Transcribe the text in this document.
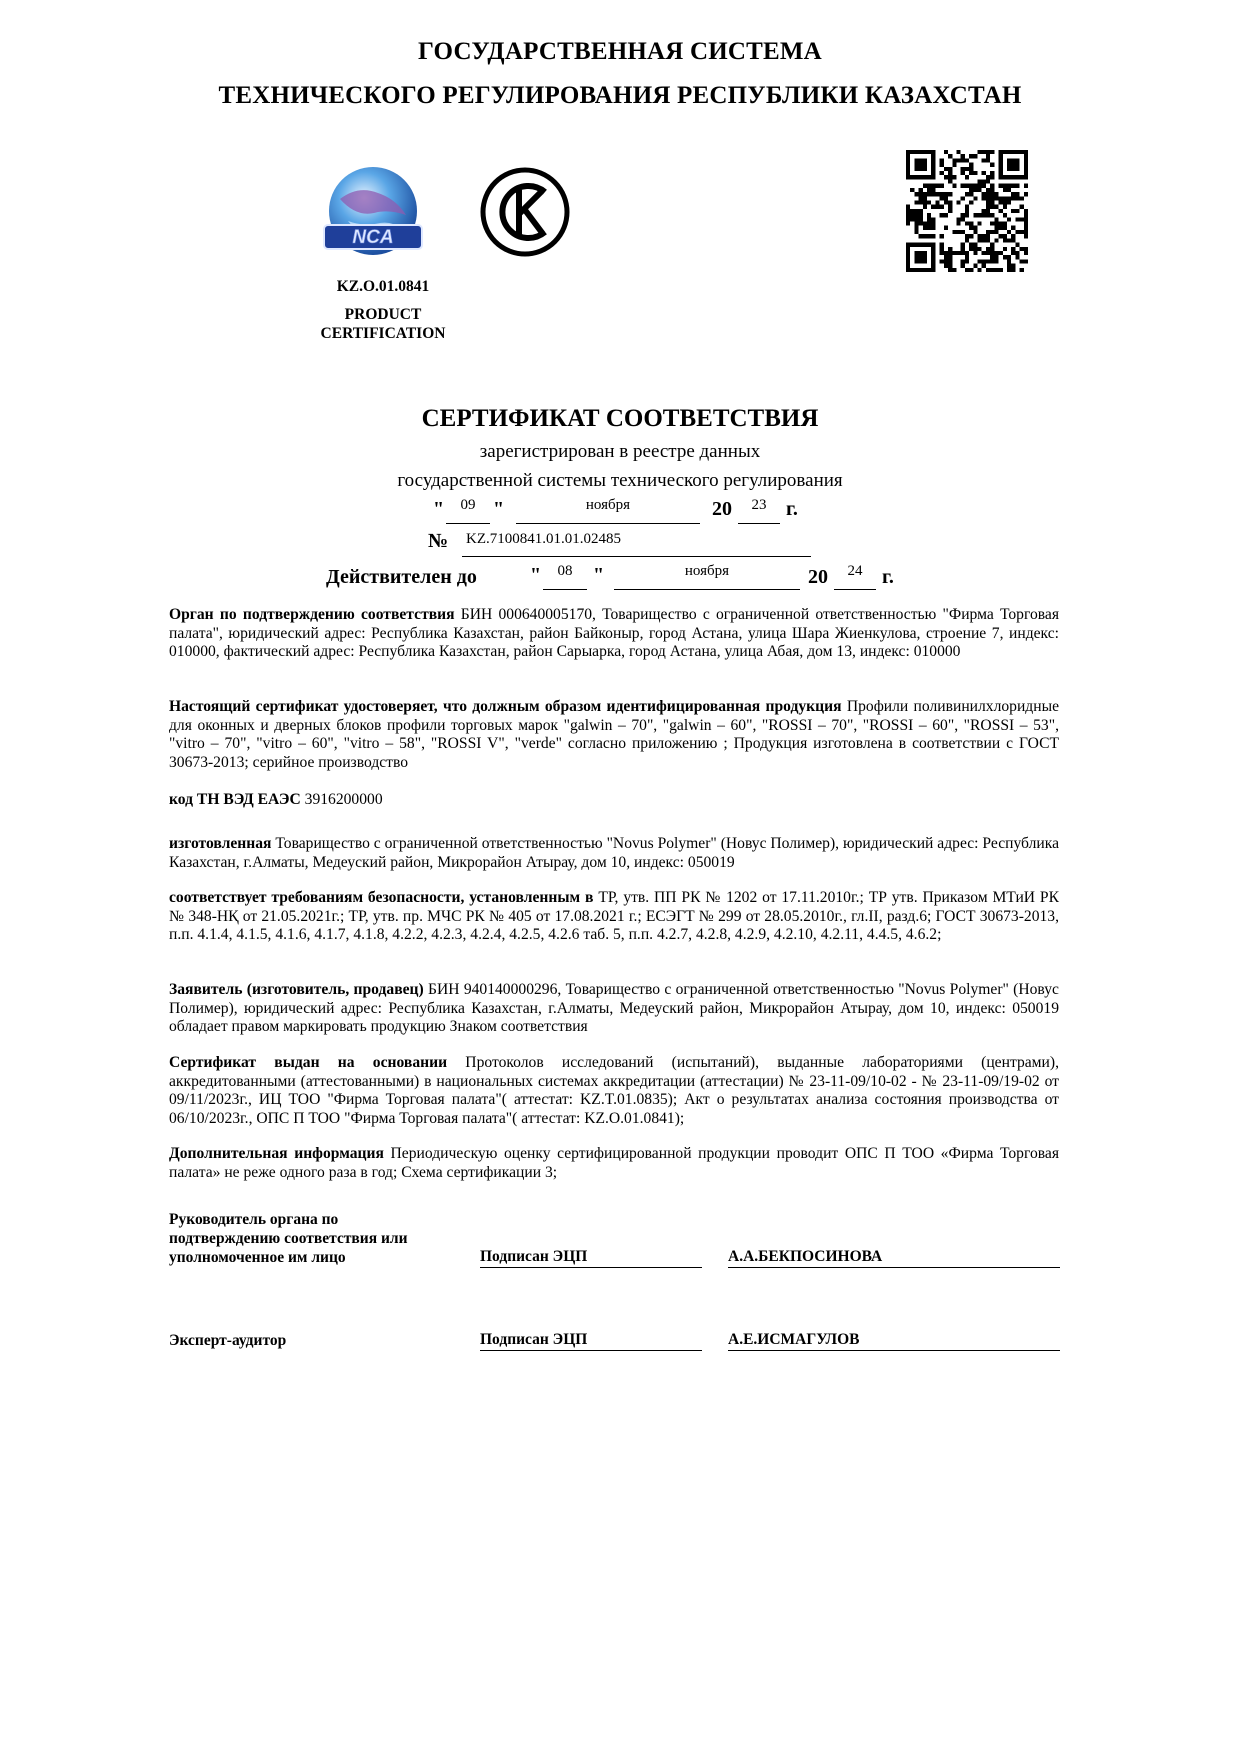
ГОСУДАРСТВЕННАЯ СИСТЕМА
ТЕХНИЧЕСКОГО РЕГУЛИРОВАНИЯ РЕСПУБЛИКИ КАЗАХСТАН
NCA
KZ.O.01.0841
PRODUCT
CERTIFICATION
СЕРТИФИКАТ СООТВЕТСТВИЯ
зарегистрирован в реестре данных
государственной системы технического регулирования
"	09 "	ноября	20	23 г.
№ KZ.7100841.01.01.02485
Действителен до	"	08	"	ноября	20	24 г.
Орган по подтверждению соответствия БИН 000640005170, Товарищество с ограниченной ответственностью "Фирма Торговая палата", юридический адрес: Республика Казахстан, район Байконыр, город Астана, улица Шара Жиенкулова, строение 7, индекс: 010000, фактический адрес: Республика Казахстан, район Сарыарка, город Астана, улица Абая, дом 13, индекс: 010000
Настоящий сертификат удостоверяет, что должным образом идентифицированная продукция Профили поливинилхлоридные для оконных и дверных блоков профили торговых марок "galwin – 70", "galwin – 60", "ROSSI – 70", "ROSSI – 60", "ROSSI – 53", "vitro – 70", "vitro – 60", "vitro – 58", "ROSSI V", "verde" согласно приложению ; Продукция изготовлена в соответствии с ГОСТ 30673-2013; серийное производство
код ТН ВЭД ЕАЭС 3916200000
изготовленная Товарищество с ограниченной ответственностью "Novus Polymer" (Новус Полимер), юридический адрес: Республика Казахстан, г.Алматы, Медеуский район, Микрорайон Атырау, дом 10, индекс: 050019
соответствует требованиям безопасности, установленным в ТР, утв. ПП РК № 1202 от 17.11.2010г.; ТР утв. Приказом МТиИ РК № 348-НҚ от 21.05.2021г.; ТР, утв. пр. МЧС РК № 405 от 17.08.2021 г.; ЕСЭГТ № 299 от 28.05.2010г., гл.II, разд.6; ГОСТ 30673-2013, п.п. 4.1.4, 4.1.5, 4.1.6, 4.1.7, 4.1.8, 4.2.2, 4.2.3, 4.2.4, 4.2.5, 4.2.6 таб. 5, п.п. 4.2.7, 4.2.8, 4.2.9, 4.2.10, 4.2.11, 4.4.5, 4.6.2;
Заявитель (изготовитель, продавец) БИН 940140000296, Товарищество с ограниченной ответственностью "Novus Polymer" (Новус Полимер), юридический адрес: Республика Казахстан, г.Алматы, Медеуский район, Микрорайон Атырау, дом 10, индекс: 050019 обладает правом маркировать продукцию Знаком соответствия
Сертификат выдан на основании Протоколов исследований (испытаний), выданные лабораториями (центрами), аккредитованными (аттестованными) в национальных системах аккредитации (аттестации) № 23-11-09/10-02 - № 23-11-09/19-02 от 09/11/2023г., ИЦ ТОО "Фирма Торговая палата"( аттестат: KZ.T.01.0835); Акт о результатах анализа состояния производства от 06/10/2023г., ОПС П ТОО "Фирма Торговая палата"( аттестат: KZ.O.01.0841);
Дополнительная информация Периодическую оценку сертифицированной продукции проводит ОПС П ТОО «Фирма Торговая палата» не реже одного раза в год; Схема сертификации 3;
Руководитель органа по
подтверждению соответствия или
уполномоченное им лицо	Подписан ЭЦП	А.А.БЕКПОСИНОВА
Эксперт-аудитор	Подписан ЭЦП	А.Е.ИСМАГУЛОВ
